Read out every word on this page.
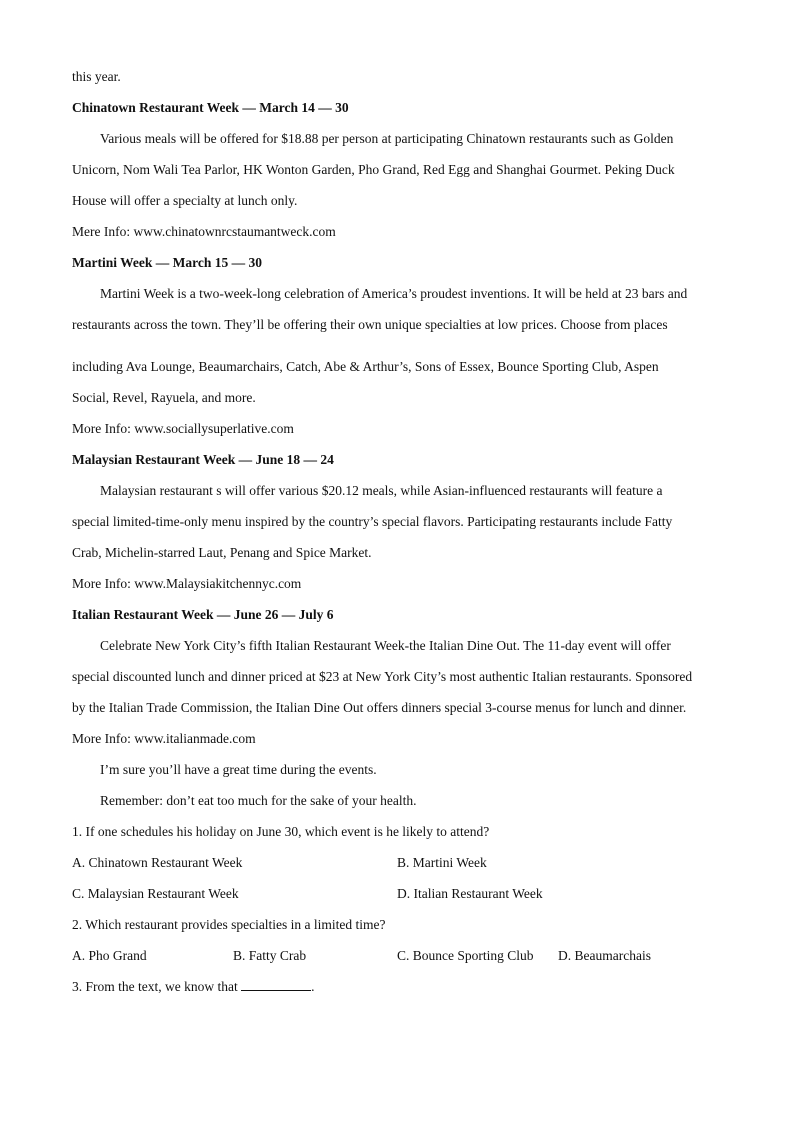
this year.
Chinatown Restaurant Week — March 14 — 30
Various meals will be offered for $18.88 per person at participating Chinatown restaurants such as Golden
Unicorn, Nom Wali Tea Parlor, HK Wonton Garden, Pho Grand, Red Egg and Shanghai Gourmet. Peking Duck
House will offer a specialty at lunch only.
Mere Info: www.chinatownrcstaumantweck.com
Martini Week — March 15 — 30
Martini Week is a two-week-long celebration of America’s proudest inventions. It will be held at 23 bars and
restaurants across the town. They’ll be offering their own unique specialties at low prices. Choose from places
including Ava Lounge, Beaumarchairs, Catch, Abe & Arthur’s, Sons of Essex, Bounce Sporting Club, Aspen
Social, Revel, Rayuela, and more.
More Info: www.sociallysuperlative.com
Malaysian Restaurant Week — June 18 — 24
Malaysian restaurant s will offer various $20.12 meals, while Asian-influenced restaurants will feature a
special limited-time-only menu inspired by the country’s special flavors. Participating restaurants include Fatty
Crab, Michelin-starred Laut, Penang and Spice Market.
More Info: www.Malaysiakitchennyc.com
Italian Restaurant Week — June 26 — July 6
Celebrate New York City’s fifth Italian Restaurant Week-the Italian Dine Out. The 11-day event will offer
special discounted lunch and dinner priced at $23 at New York City’s most authentic Italian restaurants. Sponsored
by the Italian Trade Commission, the Italian Dine Out offers dinners special 3-course menus for lunch and dinner.
More Info: www.italianmade.com
I’m sure you’ll have a great time during the events.
Remember: don’t eat too much for the sake of your health.
1. If one schedules his holiday on June 30, which event is he likely to attend?
A. Chinatown Restaurant Week	B. Martini Week
C. Malaysian Restaurant Week	D. Italian Restaurant Week
2. Which restaurant provides specialties in a limited time?
A. Pho Grand	B. Fatty Crab	C. Bounce Sporting Club	D. Beaumarchais
3. From the text, we know that	.
